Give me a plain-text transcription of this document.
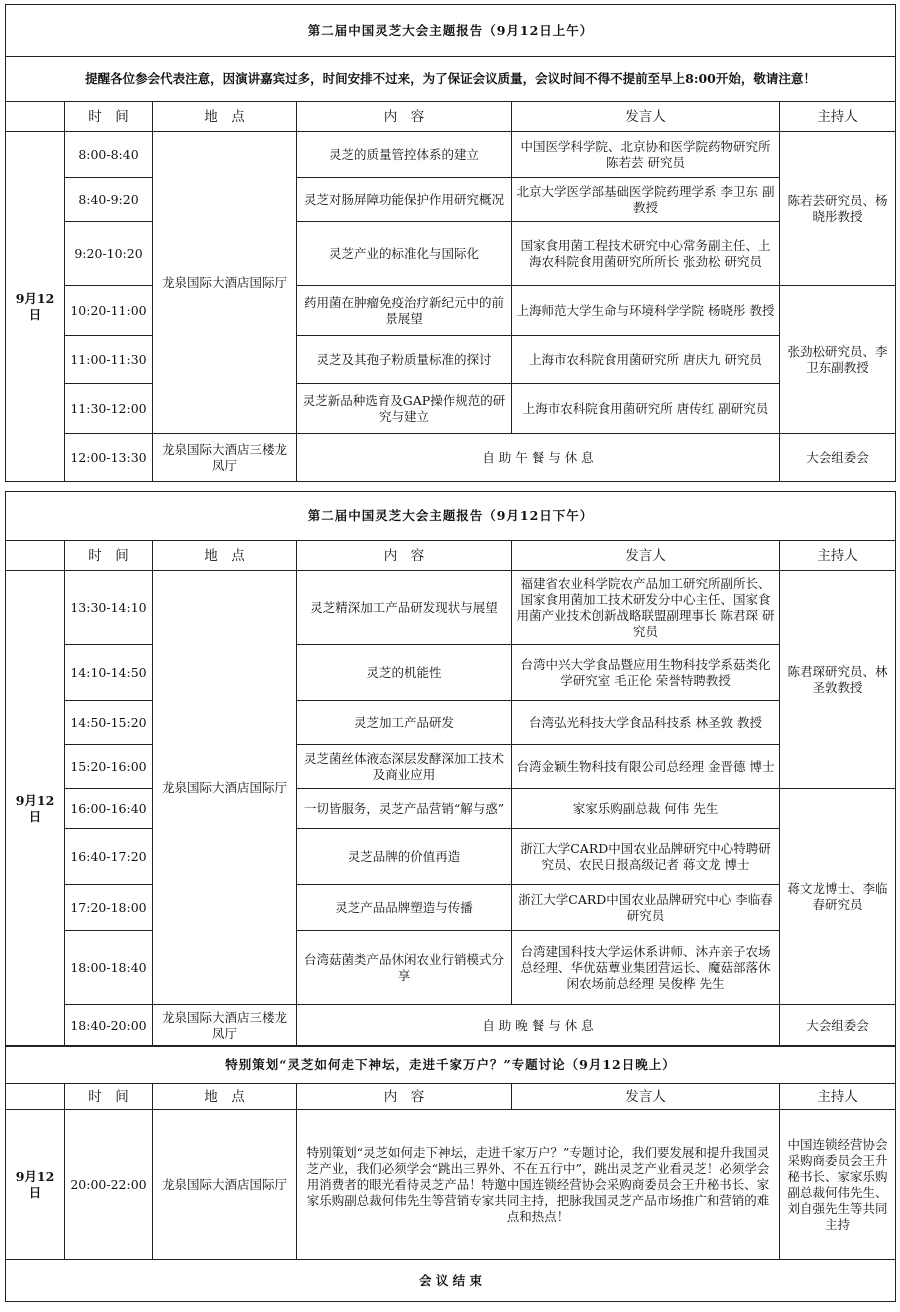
第二届中国灵芝大会主题报告（9月12日上午）					
提醒各位参会代表注意，因演讲嘉宾过多，时间安排不过来，为了保证会议质量，会议时间不得不提前至早上8:00开始，敬请注意！					
	时　间	地　点	内　容	发言人	主持人
9月12日	8:00-8:40	龙泉国际大酒店国际厅	灵芝的质量管控体系的建立	中国医学科学院、北京协和医学院药物研究所 陈若芸 研究员	陈若芸研究员、杨晓彤教授
	8:40-9:20		灵芝对肠屏障功能保护作用研究概况	北京大学医学部基础医学院药理学系 李卫东 副教授	
	9:20-10:20		灵芝产业的标准化与国际化	国家食用菌工程技术研究中心常务副主任、上海农科院食用菌研究所所长 张劲松 研究员	
	10:20-11:00		药用菌在肿瘤免疫治疗新纪元中的前景展望	上海师范大学生命与环境科学学院 杨晓彤 教授	张劲松研究员、李卫东副教授
	11:00-11:30		灵芝及其孢子粉质量标准的探讨	上海市农科院食用菌研究所 唐庆九 研究员	
	11:30-12:00		灵芝新品种选育及GAP操作规范的研究与建立	上海市农科院食用菌研究所 唐传红 副研究员	
	12:00-13:30	龙泉国际大酒店三楼龙凤厅	自 助 午 餐 与 休 息		大会组委会
第二届中国灵芝大会主题报告（9月12日下午）					
	时　间	地　点	内　容	发言人	主持人
9月12日	13:30-14:10	龙泉国际大酒店国际厅	灵芝精深加工产品研发现状与展望	福建省农业科学院农产品加工研究所副所长、国家食用菌加工技术研发分中心主任、国家食用菌产业技术创新战略联盟副理事长 陈君琛 研究员	陈君琛研究员、林圣敦教授
	14:10-14:50		灵芝的机能性	台湾中兴大学食品暨应用生物科技学系菇类化学研究室 毛正伦 荣誉特聘教授	
	14:50-15:20		灵芝加工产品研发	台湾弘光科技大学食品科技系 林圣敦 教授	
	15:20-16:00		灵芝菌丝体液态深层发酵深加工技术及商业应用	台湾金颖生物科技有限公司总经理 金晋德 博士	
	16:00-16:40		一切皆服务，灵芝产品营销“解与惑”	家家乐购副总裁 何伟 先生	蒋文龙博士、李临春研究员
	16:40-17:20		灵芝品牌的价值再造	浙江大学CARD中国农业品牌研究中心特聘研究员、农民日报高级记者 蒋文龙 博士	
	17:20-18:00		灵芝产品品牌塑造与传播	浙江大学CARD中国农业品牌研究中心 李临春 研究员	
	18:00-18:40		台湾菇菌类产品休闲农业行销模式分享	台湾建国科技大学运休系讲师、沐卉亲子农场总经理、华优菇蕈业集团营运长、魔菇部落休闲农场前总经理 吴俊桦 先生	
	18:40-20:00	龙泉国际大酒店三楼龙凤厅	自 助 晚 餐 与 休 息		大会组委会
特别策划“灵芝如何走下神坛，走进千家万户？”专题讨论（9月12日晚上）					
	时　间	地　点	内　容	发言人	主持人
9月12日	20:00-22:00	龙泉国际大酒店国际厅	特别策划“灵芝如何走下神坛，走进千家万户？”专题讨论，我们要发展和提升我国灵芝产业，我们必须学会“跳出三界外、不在五行中”，跳出灵芝产业看灵芝！必须学会用消费者的眼光看待灵芝产品！特邀中国连锁经营协会采购商委员会王升秘书长、家家乐购副总裁何伟先生等营销专家共同主持，把脉我国灵芝产品市场推广和营销的难点和热点！		中国连锁经营协会采购商委员会王升秘书长、家家乐购副总裁何伟先生、刘自强先生等共同主持
会 议 结 束					
